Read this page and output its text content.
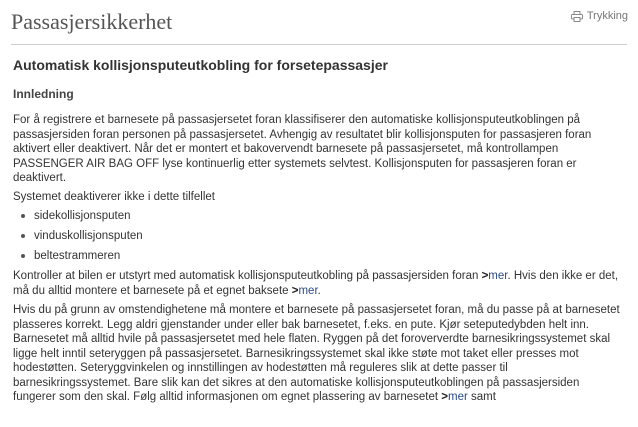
Passasjersikkerhet	Trykking
Automatisk kollisjonsputeutkobling for forsetepassasjer
Innledning

For å registrere et barnesete på passasjersetet foran klassifiserer den automatiske kollisjonsputeutkoblingen på passasjersiden foran personen på passasjersetet. Avhengig av resultatet blir kollisjonsputen for passasjeren foran aktivert eller deaktivert. Når det er montert et bakovervendt barnesete på passasjersetet, må kontrollampen PASSENGER AIR BAG OFF lyse kontinuerlig etter systemets selvtest. Kollisjonsputen for passasjeren foran er deaktivert.

Systemet deaktiverer ikke i dette tilfellet

sidekollisjonsputen
vinduskollisjonsputen
beltestrammeren

Kontroller at bilen er utstyrt med automatisk kollisjonsputeutkobling på passasjersiden foran >mer. Hvis den ikke er det, må du alltid montere et barnesete på et egnet baksete >mer.

Hvis du på grunn av omstendighetene må montere et barnesete på passasjersetet foran, må du passe på at barnesetet plasseres korrekt. Legg aldri gjenstander under eller bak barnesetet, f.eks. en pute. Kjør seteputedybden helt inn. Barnesetet må alltid hvile på passasjersetet med hele flaten. Ryggen på det foroververdte barnesikringssystemet skal ligge helt inntil seteryggen på passasjersetet. Barnesikringssystemet skal ikke støte mot taket eller presses mot hodestøtten. Seteryggvinkelen og innstillingen av hodestøtten må reguleres slik at dette passer til barnesikringssystemet. Bare slik kan det sikres at den automatiske kollisjonsputeutkoblingen på passasjersiden fungerer som den skal. Følg alltid informasjonen om egnet plassering av barnesetet >mer samt
